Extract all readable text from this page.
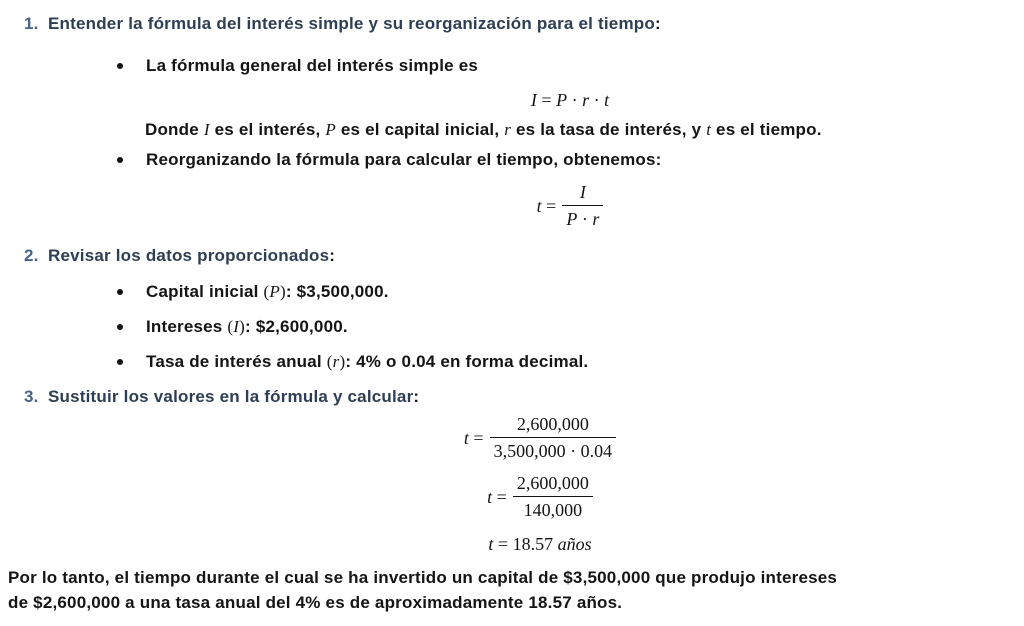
1. Entender la fórmula del interés simple y su reorganización para el tiempo:
La fórmula general del interés simple es
I = P · r · t
Donde I es el interés, P es el capital inicial, r es la tasa de interés, y t es el tiempo.
Reorganizando la fórmula para calcular el tiempo, obtenemos:
$t = \frac{I}{P \cdot r}$
2. Revisar los datos proporcionados:
Capital inicial (P): $3,500,000.
Intereses (I): $2,600,000.
Tasa de interés anual (r): 4% o 0.04 en forma decimal.
3. Sustituir los valores en la fórmula y calcular:
$t = \frac{2,600,000}{3,500,000 \cdot 0.04}$
$t = \frac{2,600,000}{140,000}$
t = 18.57 años

Por lo tanto, el tiempo durante el cual se ha invertido un capital de $3,500,000 que produjo intereses
de $2,600,000 a una tasa anual del 4% es de aproximadamente 18.57 años.
